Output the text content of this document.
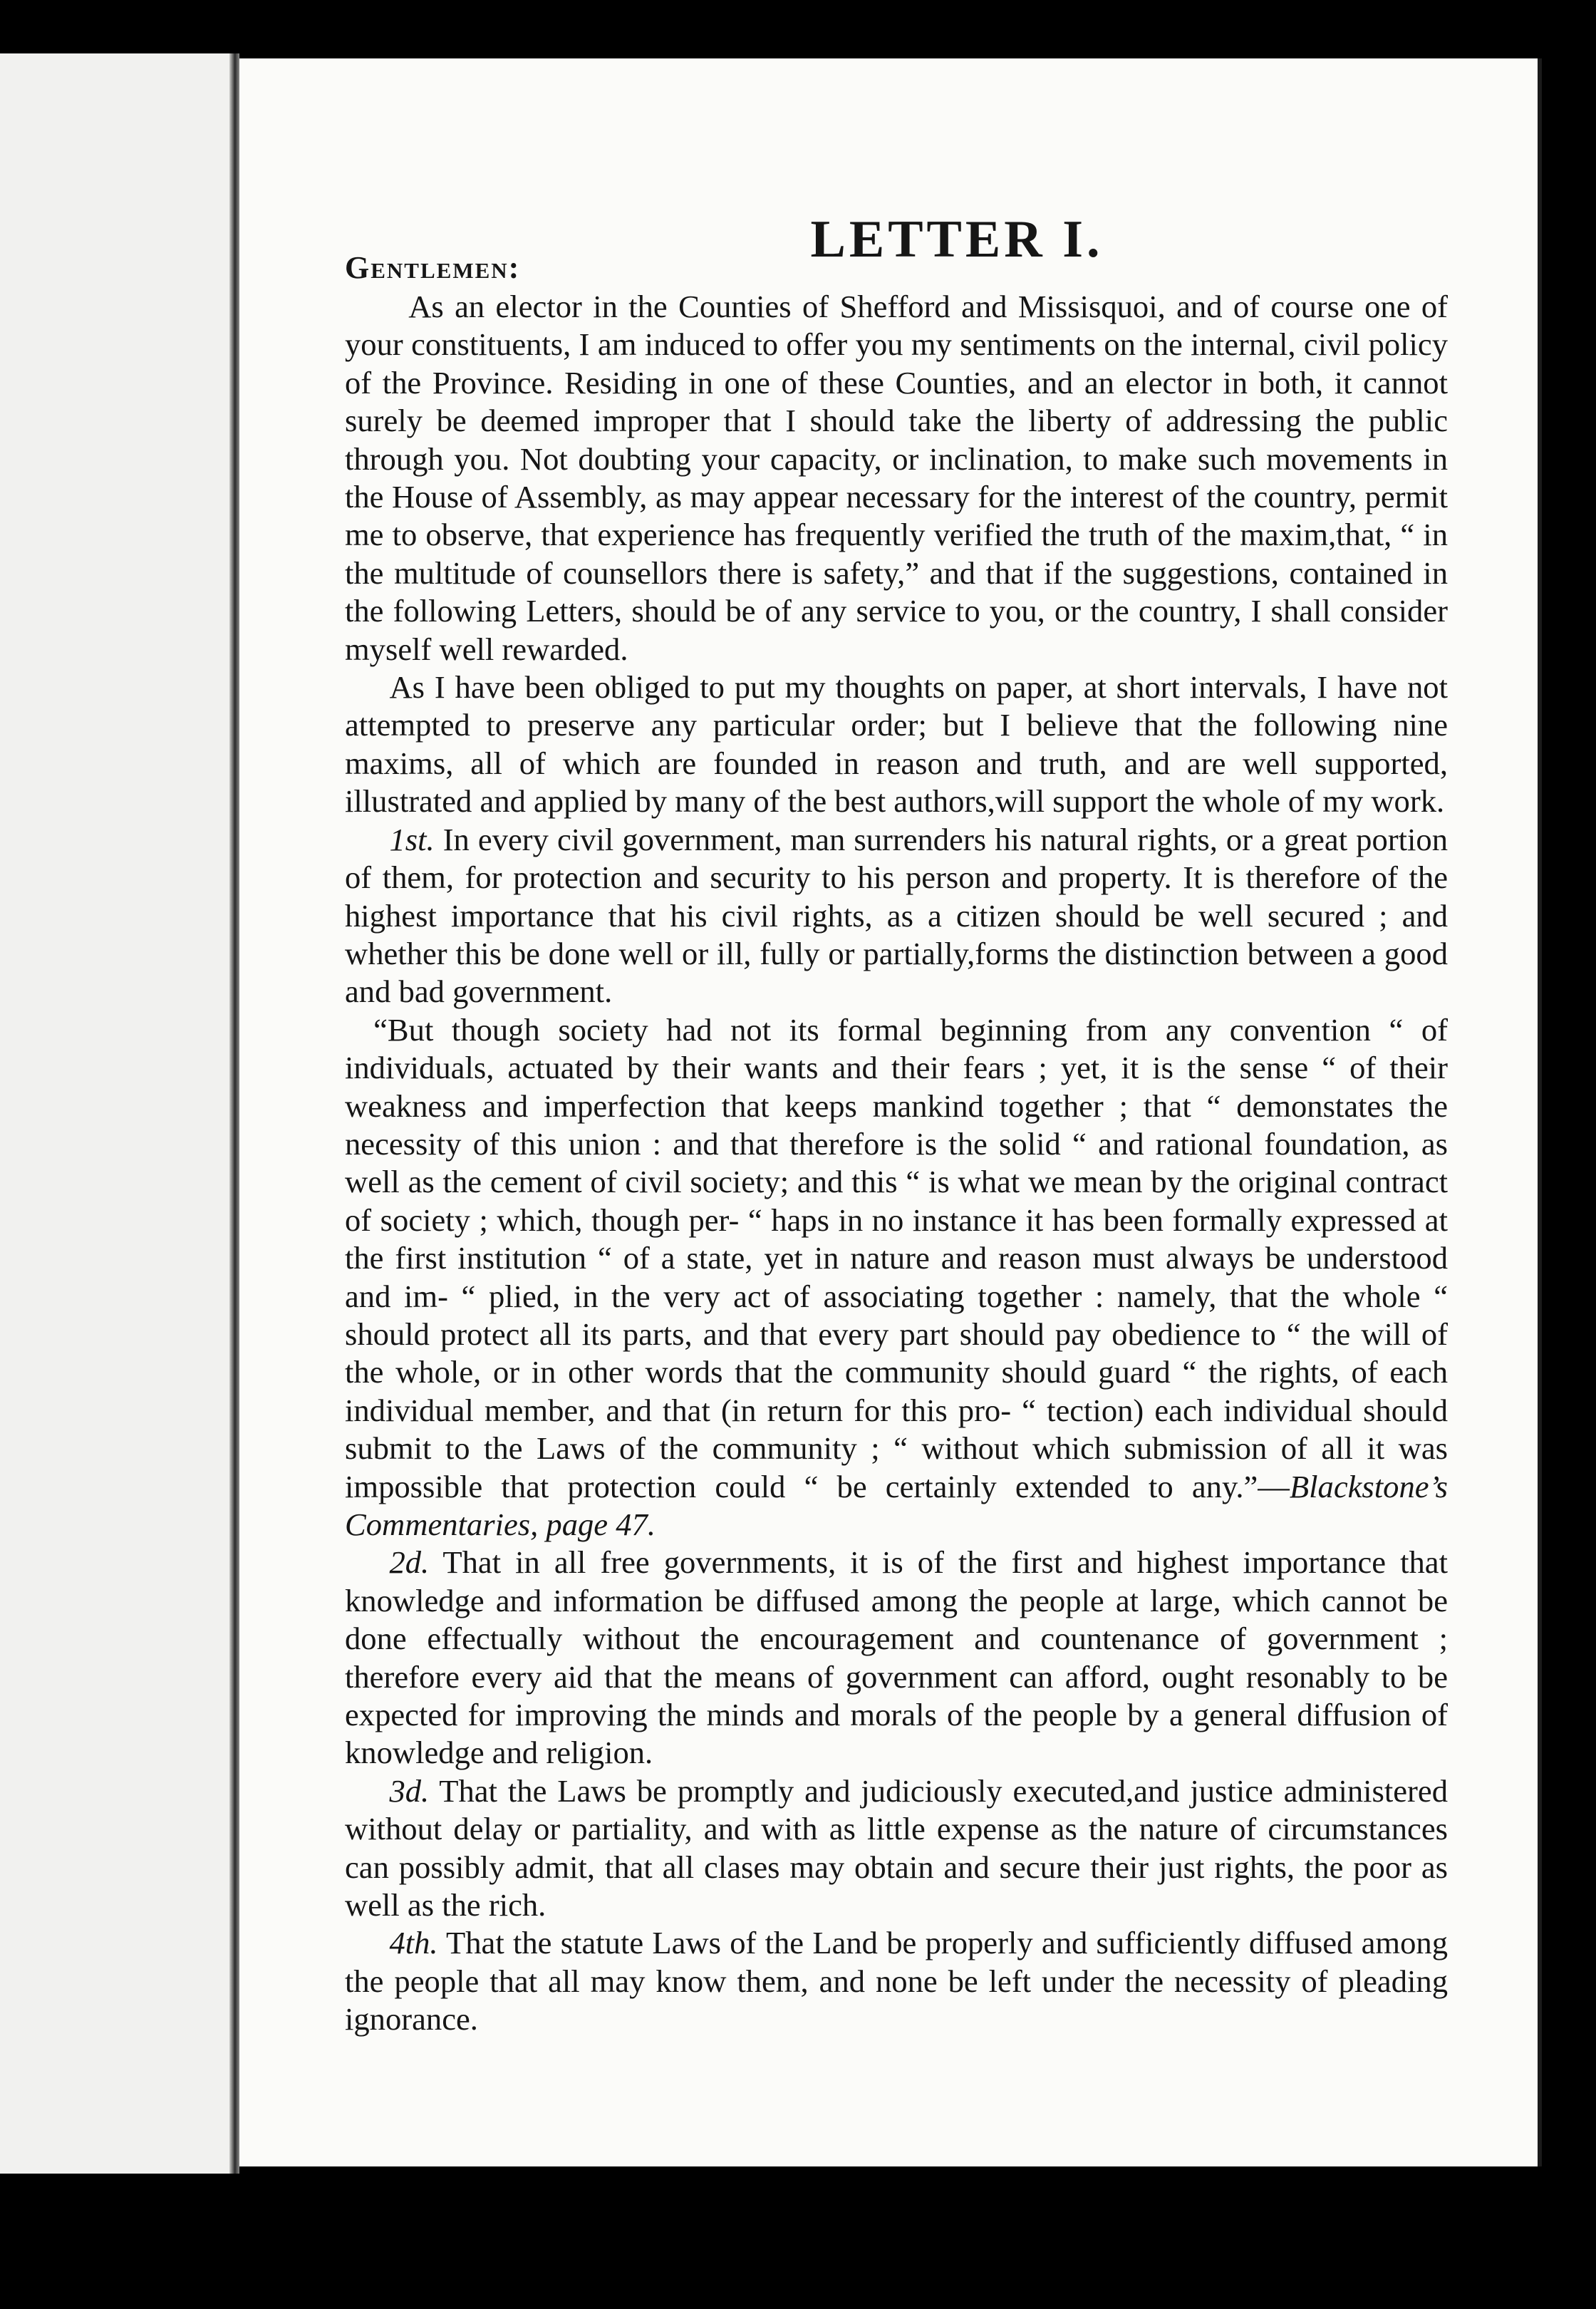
LETTER I.
Gentlemen:

As an elector in the Counties of Shefford and Missisquoi, and of course one of your constituents, I am induced to offer you my sentiments on the internal, civil policy of the Province. Residing in one of these Counties, and an elector in both, it cannot surely be deemed improper that I should take the liberty of addressing the public through you. Not doubting your capacity, or inclination, to make such movements in the House of Assembly, as may appear necessary for the interest of the country, permit me to observe, that experience has frequently verified the truth of the maxim,that, “ in the multitude of counsellors there is safety,” and that if the suggestions, contained in the following Letters, should be of any service to you, or the country, I shall consider myself well rewarded.

As I have been obliged to put my thoughts on paper, at short intervals, I have not attempted to preserve any particular order; but I believe that the following nine maxims, all of which are founded in reason and truth, and are well supported, illustrated and applied by many of the best authors,will support the whole of my work.

1st. In every civil government, man surrenders his natural rights, or a great portion of them, for protection and security to his person and property. It is therefore of the highest importance that his civil rights, as a citizen should be well secured ; and whether this be done well or ill, fully or partially,forms the distinction between a good and bad government.

“But though society had not its formal beginning from any convention “ of individuals, actuated by their wants and their fears ; yet, it is the sense “ of their weakness and imperfection that keeps mankind together ; that “ demonstates the necessity of this union : and that therefore is the solid “ and rational foundation, as well as the cement of civil society; and this “ is what we mean by the original contract of society ; which, though per- “ haps in no instance it has been formally expressed at the first institution “ of a state, yet in nature and reason must always be understood and im- “ plied, in the very act of associating together : namely, that the whole “ should protect all its parts, and that every part should pay obedience to “ the will of the whole, or in other words that the community should guard “ the rights, of each individual member, and that (in return for this pro- “ tection) each individual should submit to the Laws of the community ; “ without which submission of all it was impossible that protection could “ be certainly extended to any.”—Blackstone’s Commentaries, page 47.

2d. That in all free governments, it is of the first and highest importance that knowledge and information be diffused among the people at large, which cannot be done effectually without the encouragement and countenance of government ; therefore every aid that the means of government can afford, ought resonably to be expected for improving the minds and morals of the people by a general diffusion of knowledge and religion.

3d. That the Laws be promptly and judiciously executed,and justice administered without delay or partiality, and with as little expense as the nature of circumstances can possibly admit, that all clases may obtain and secure their just rights, the poor as well as the rich.

4th. That the statute Laws of the Land be properly and sufficiently diffused among the people that all may know them, and none be left under the necessity of pleading ignorance.
